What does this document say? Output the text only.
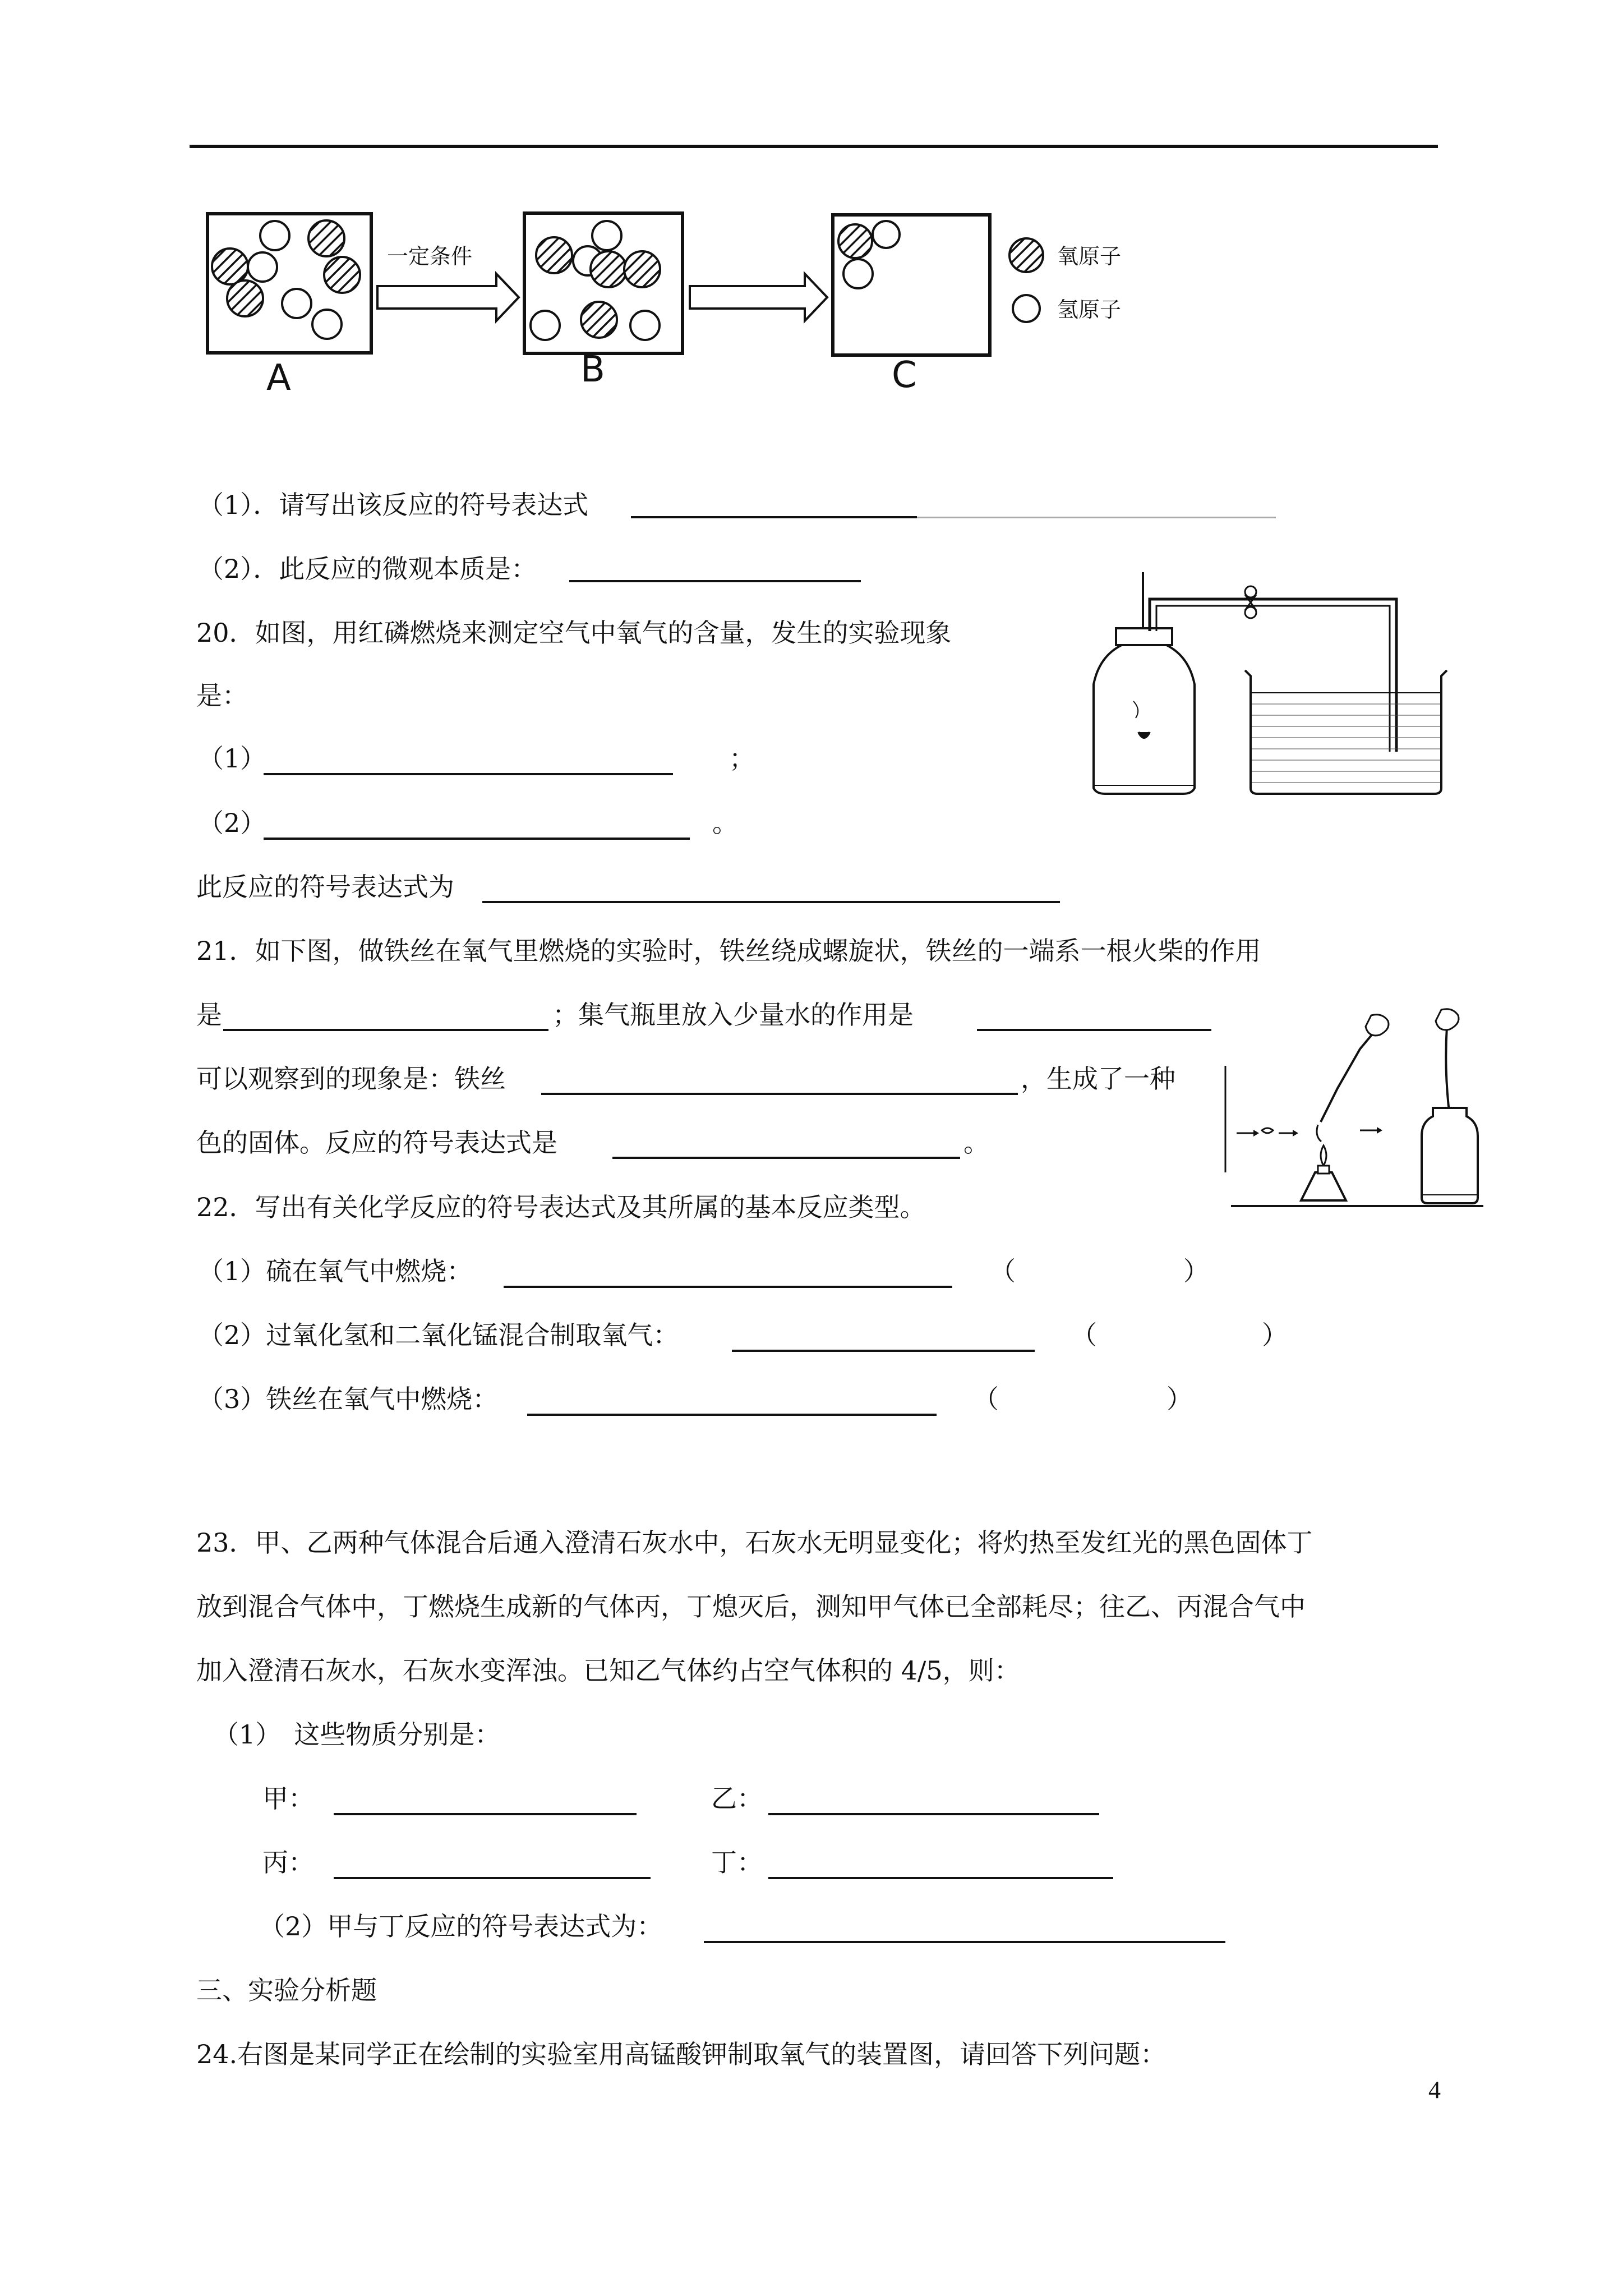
一定条件	氧原子
氢原子
A	B	C
（1）．请写出该反应的符号表达式
（2）．此反应的微观本质是：
20．如图，用红磷燃烧来测定空气中氧气的含量，发生的实验现象
是：
（1）	；
（2）	。
此反应的符号表达式为
21．如下图，做铁丝在氧气里燃烧的实验时，铁丝绕成螺旋状，铁丝的一端系一根火柴的作用
是	；集气瓶里放入少量水的作用是
可以观察到的现象是：铁丝	，生成了一种
色的固体。反应的符号表达式是	。
22．写出有关化学反应的符号表达式及其所属的基本反应类型。
（1）硫在氧气中燃烧：	（	）
（2）过氧化氢和二氧化锰混合制取氧气：	（	）
（3）铁丝在氧气中燃烧：	（	）
23．甲、乙两种气体混合后通入澄清石灰水中，石灰水无明显变化；将灼热至发红光的黑色固体丁
放到混合气体中，丁燃烧生成新的气体丙，丁熄灭后，测知甲气体已全部耗尽；往乙、丙混合气中
加入澄清石灰水，石灰水变浑浊。已知乙气体约占空气体积的 4/5，则：
（1）　这些物质分别是：
甲：	乙：
丙：	丁：
（2）甲与丁反应的符号表达式为：
三、实验分析题
24.右图是某同学正在绘制的实验室用高锰酸钾制取氧气的装置图，请回答下列问题：
4
